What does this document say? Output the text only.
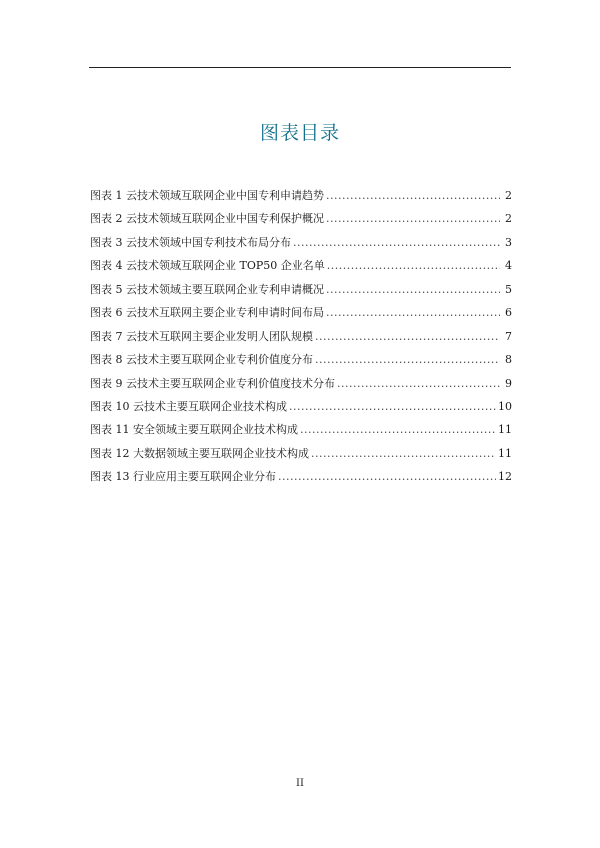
图表目录
图表 1 云技术领域互联网企业中国专利申请趋势 .....	2
图表 2 云技术领域互联网企业中国专利保护概况 .....	2
图表 3 云技术领域中国专利技术布局分布 .....	3
图表 4 云技术领域互联网企业 TOP50 企业名单 .....	4
图表 5 云技术领域主要互联网企业专利申请概况 .....	5
图表 6 云技术互联网主要企业专利申请时间布局 .....	6
图表 7 云技术互联网主要企业发明人团队规模 .....	7
图表 8 云技术主要互联网企业专利价值度分布 .....	8
图表 9 云技术主要互联网企业专利价值度技术分布 .....	9
图表 10 云技术主要互联网企业技术构成 .....	10
图表 11 安全领域主要互联网企业技术构成 .....	11
图表 12 大数据领域主要互联网企业技术构成 .....	11
图表 13 行业应用主要互联网企业分布 .....	12
II
